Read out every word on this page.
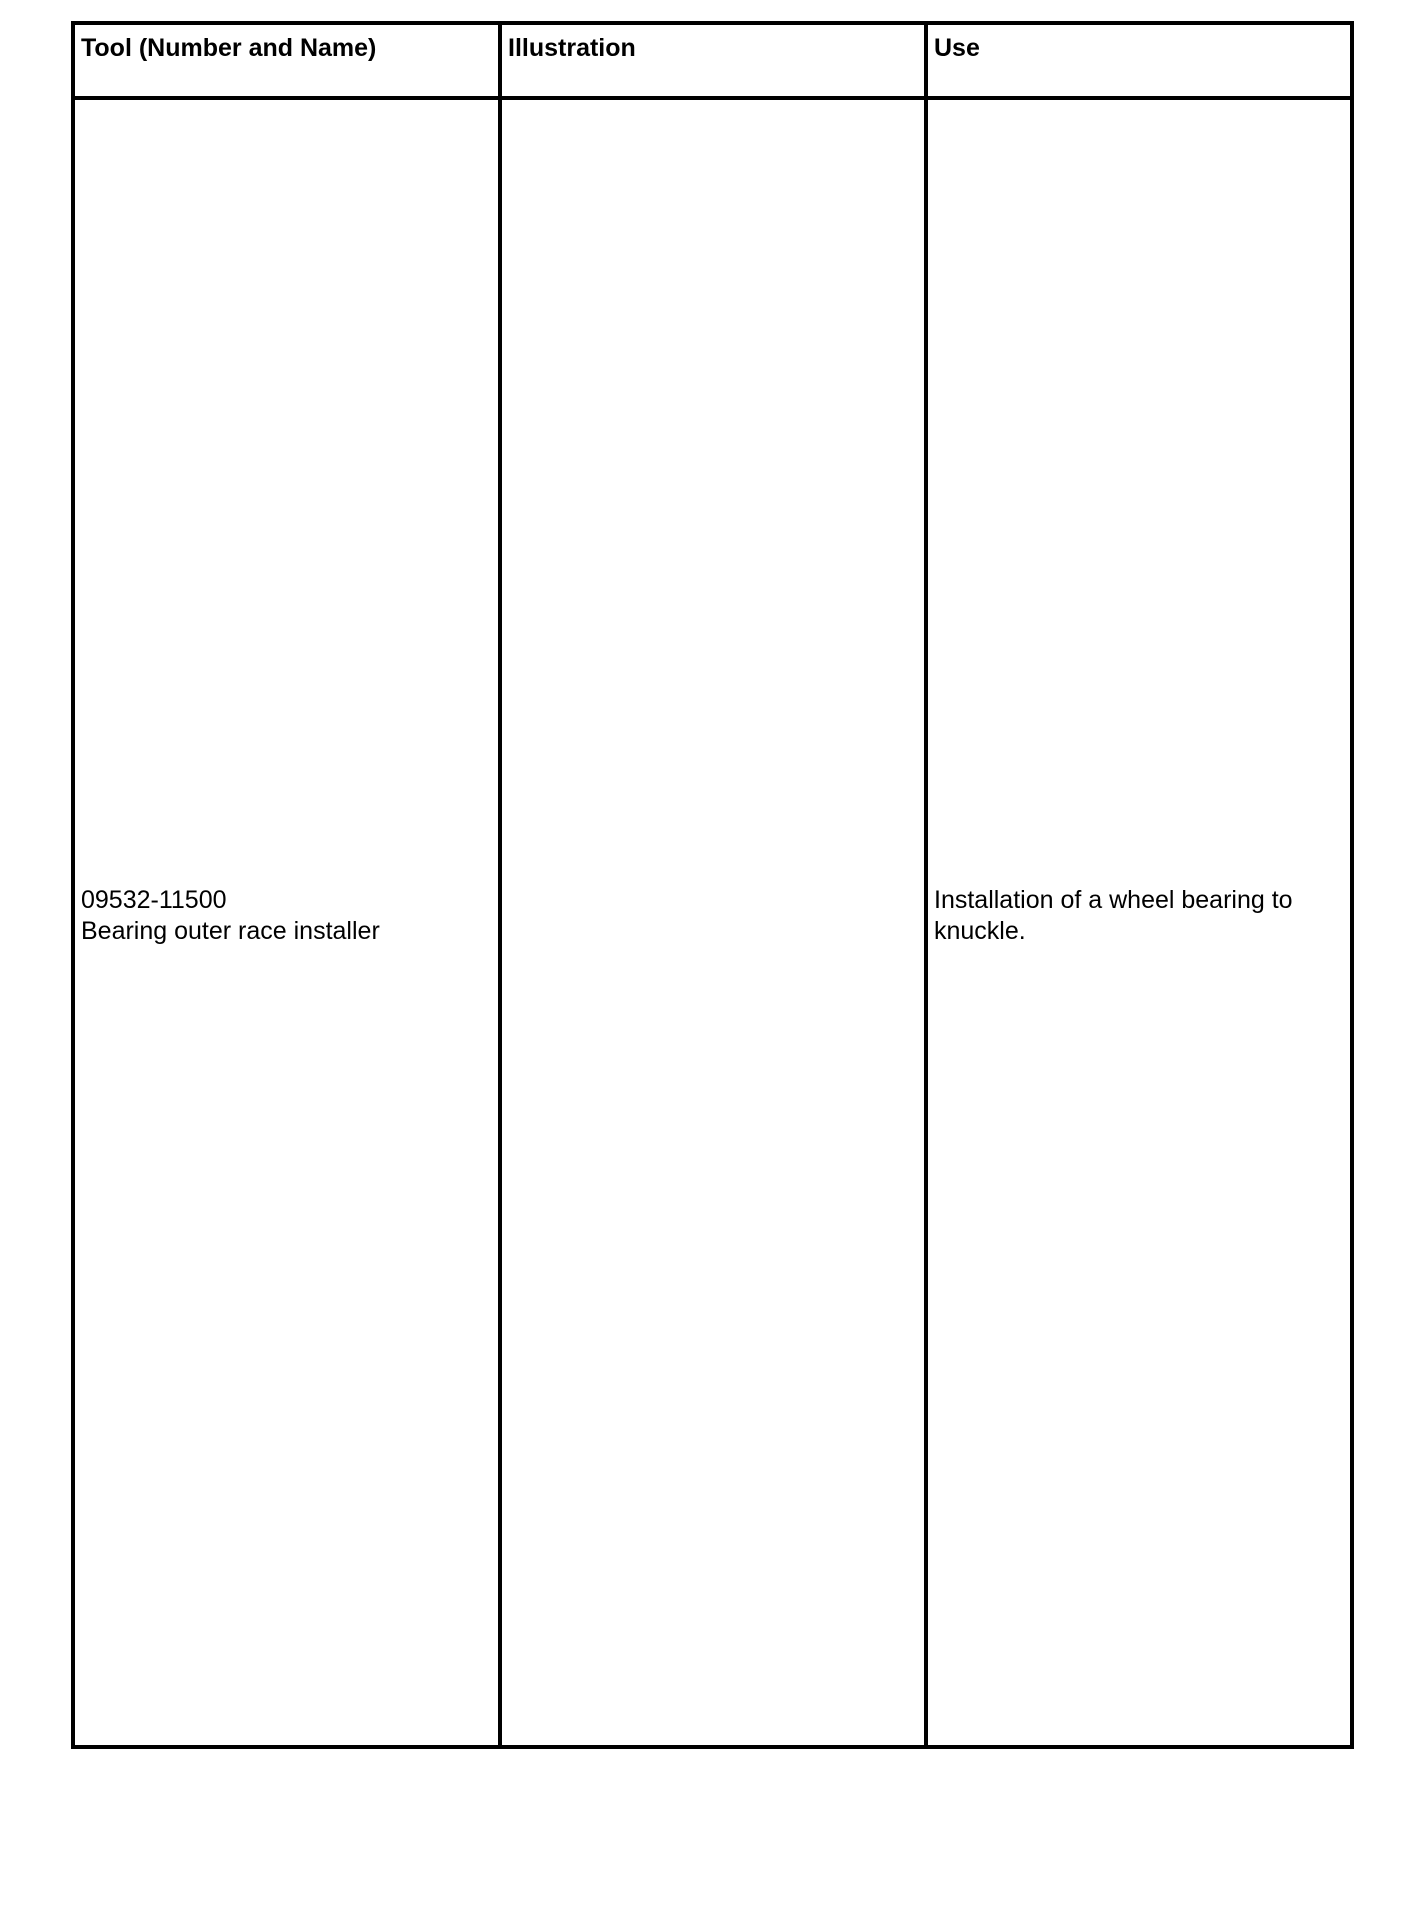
Tool (Number and Name)	Illustration	Use
09532-11500
Bearing outer race installer
Installation of a wheel bearing to
knuckle.
